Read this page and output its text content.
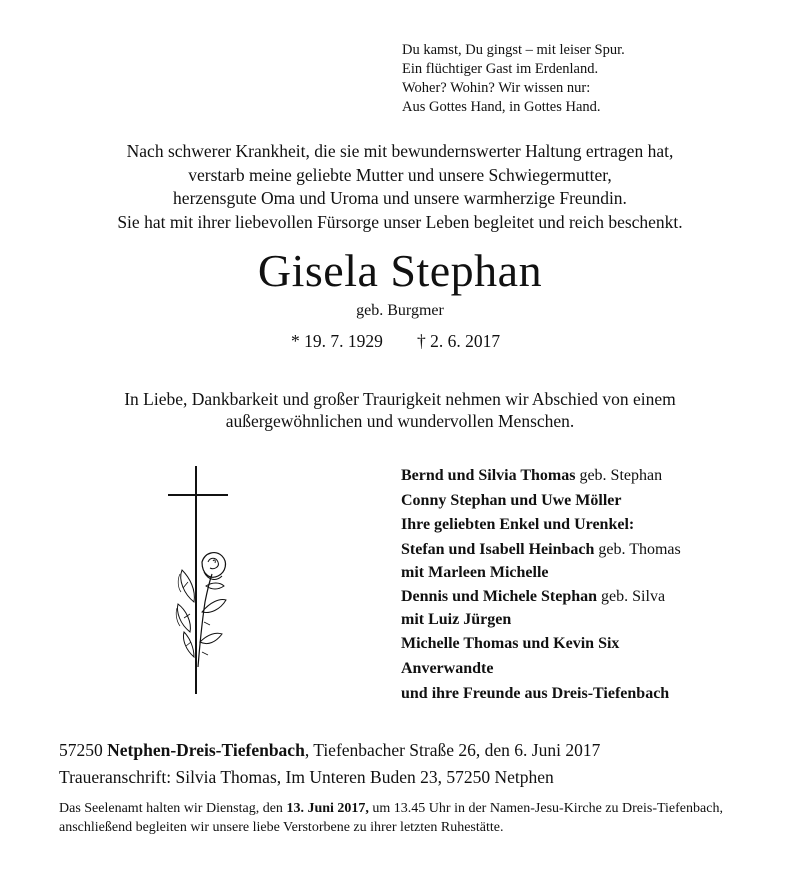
Du kamst, Du gingst – mit leiser Spur.
Ein flüchtiger Gast im Erdenland.
Woher? Wohin? Wir wissen nur:
Aus Gottes Hand, in Gottes Hand.
Nach schwerer Krankheit, die sie mit bewundernswerter Haltung ertragen hat,
verstarb meine geliebte Mutter und unsere Schwiegermutter,
herzensgute Oma und Uroma und unsere warmherzige Freundin.
Sie hat mit ihrer liebevollen Fürsorge unser Leben begleitet und reich beschenkt.
Gisela Stephan
geb. Burgmer
* 19. 7. 1929 † 2. 6. 2017
In Liebe, Dankbarkeit und großer Traurigkeit nehmen wir Abschied von einem
außergewöhnlichen und wundervollen Menschen.
Bernd und Silvia Thomas geb. Stephan
Conny Stephan und Uwe Möller
Ihre geliebten Enkel und Urenkel:
Stefan und Isabell Heinbach geb. Thomas
mit Marleen Michelle
Dennis und Michele Stephan geb. Silva
mit Luiz Jürgen
Michelle Thomas und Kevin Six
Anverwandte
und ihre Freunde aus Dreis-Tiefenbach
57250 Netphen-Dreis-Tiefenbach, Tiefenbacher Straße 26, den 6. Juni 2017
Traueranschrift: Silvia Thomas, Im Unteren Buden 23, 57250 Netphen
Das Seelenamt halten wir Dienstag, den 13. Juni 2017, um 13.45 Uhr in der Namen-Jesu-Kirche zu Dreis-Tiefenbach, anschließend begleiten wir unsere liebe Verstorbene zu ihrer letzten Ruhestätte.
